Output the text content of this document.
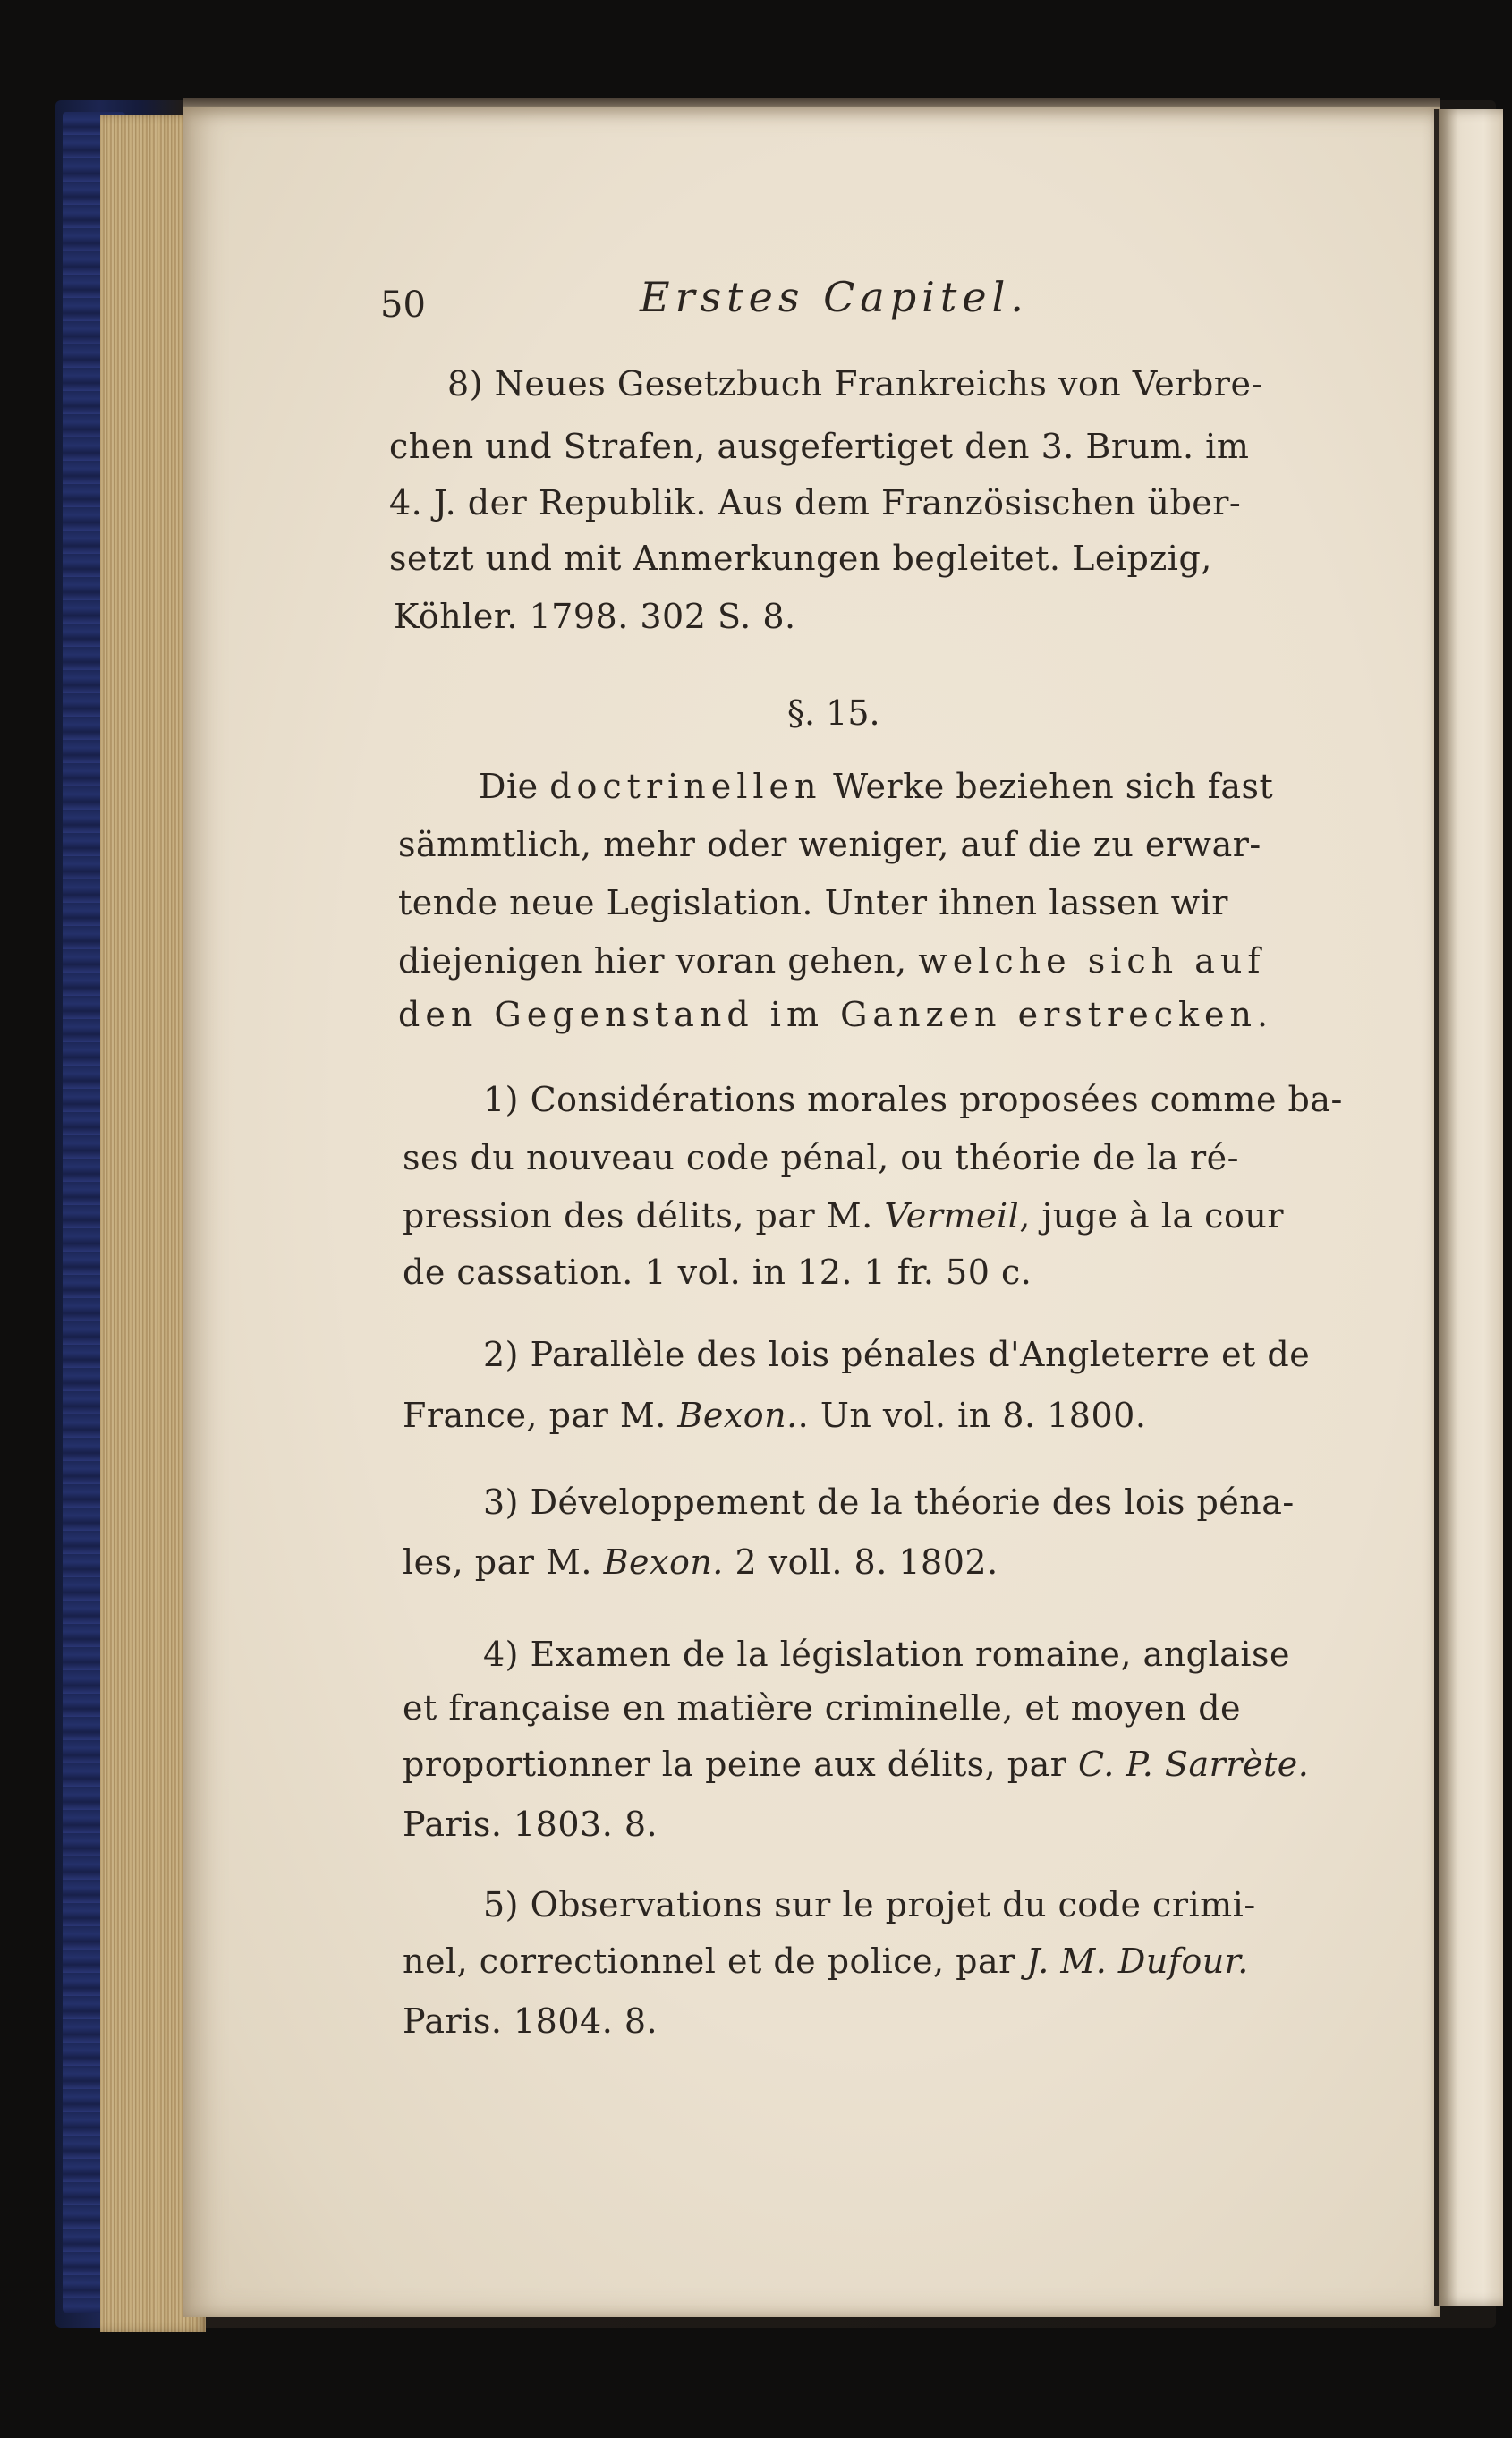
50	Erstes Capitel.
8) Neues Gesetzbuch Frankreichs von Verbre-
chen und Strafen, ausgefertiget den 3. Brum. im
4. J. der Republik. Aus dem Französischen über-
setzt und mit Anmerkungen begleitet. Leipzig,
Köhler. 1798. 302 S. 8.
§. 15.
Die doctrinellen Werke beziehen sich fast
sämmtlich, mehr oder weniger, auf die zu erwar-
tende neue Legislation. Unter ihnen lassen wir
diejenigen hier voran gehen, welche sich auf
den Gegenstand im Ganzen erstrecken.
1) Considérations morales proposées comme ba-
ses du nouveau code pénal, ou théorie de la ré-
pression des délits, par M. Vermeil, juge à la cour
de cassation. 1 vol. in 12. 1 fr. 50 c.
2) Parallèle des lois pénales d'Angleterre et de
France, par M. Bexon.. Un vol. in 8. 1800.
3) Développement de la théorie des lois péna-
les, par M. Bexon. 2 voll. 8. 1802.
4) Examen de la législation romaine, anglaise
et française en matière criminelle, et moyen de
proportionner la peine aux délits, par C. P. Sarrète.
Paris. 1803. 8.
5) Observations sur le projet du code crimi-
nel, correctionnel et de police, par J. M. Dufour.
Paris. 1804. 8.
